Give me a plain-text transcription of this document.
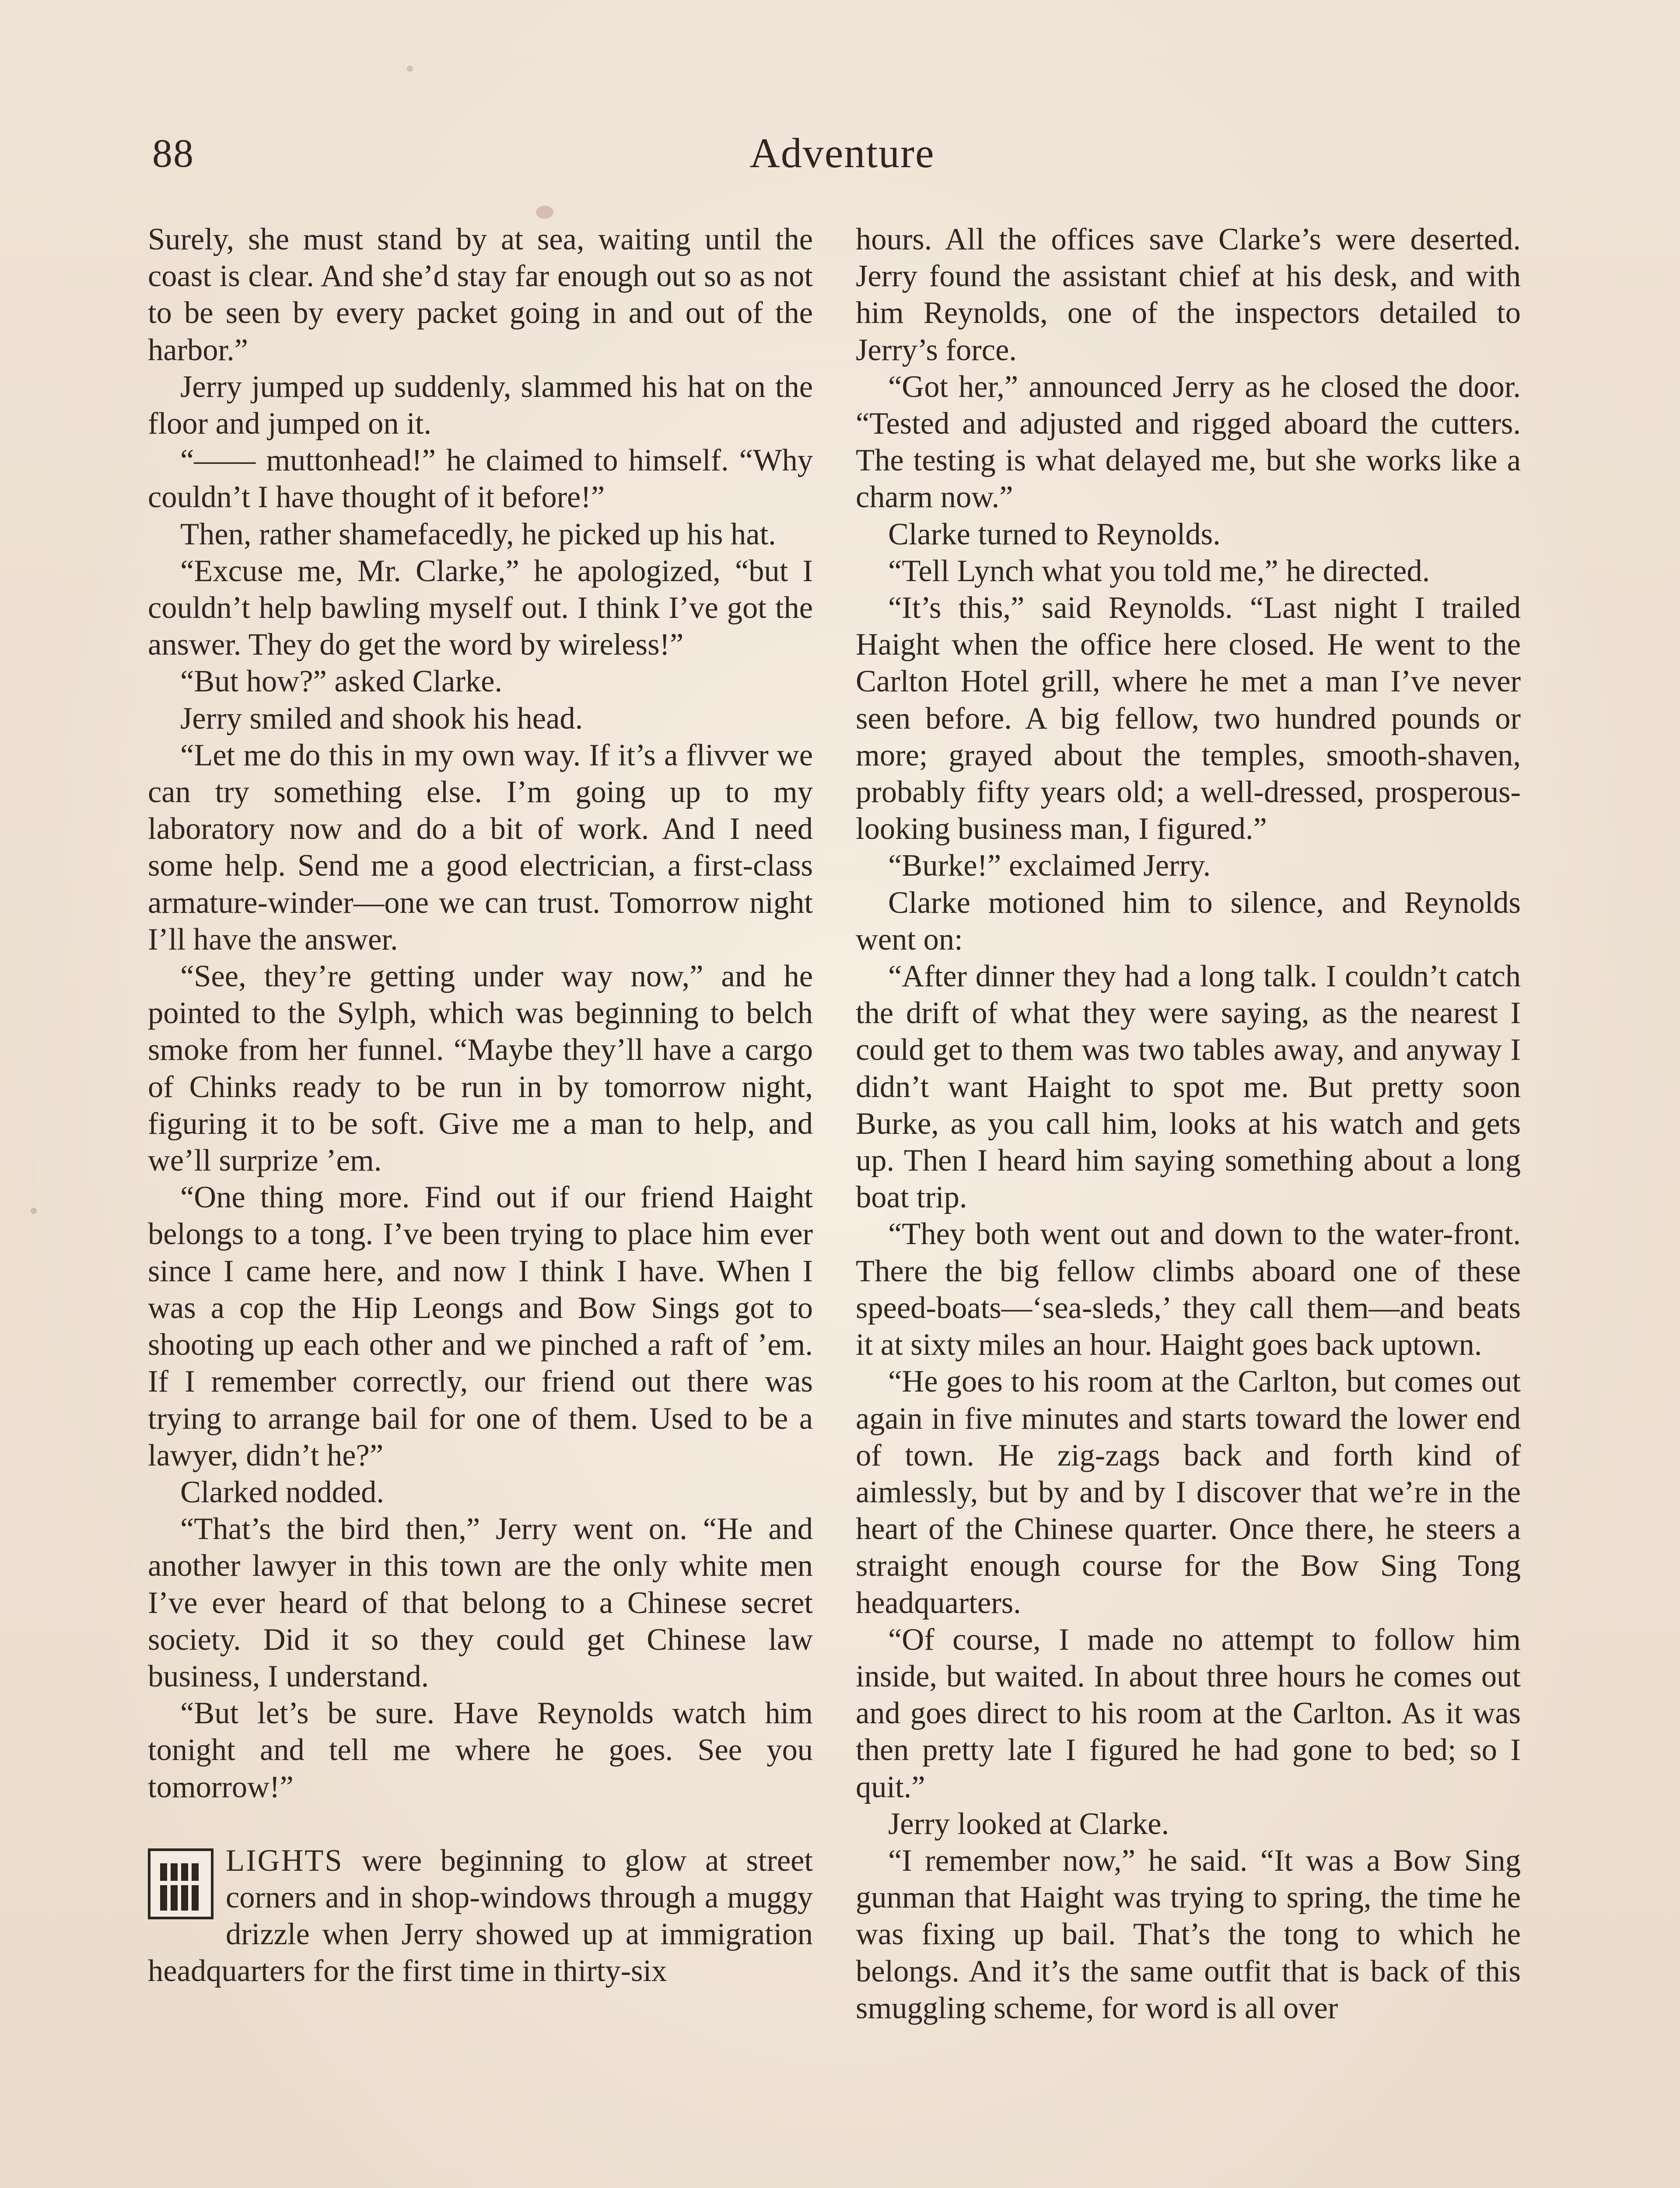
88	Adventure

Surely, she must stand by at sea, waiting until the coast is clear. And she’d stay far enough out so as not to be seen by every packet going in and out of the harbor.”

Jerry jumped up suddenly, slammed his hat on the floor and jumped on it.

“—— muttonhead!” he claimed to himself. “Why couldn’t I have thought of it before!”

Then, rather shamefacedly, he picked up his hat.

“Excuse me, Mr. Clarke,” he apologized, “but I couldn’t help bawling myself out. I think I’ve got the answer. They do get the word by wireless!”

“But how?” asked Clarke.

Jerry smiled and shook his head.

“Let me do this in my own way. If it’s a flivver we can try something else. I’m going up to my laboratory now and do a bit of work. And I need some help. Send me a good electrician, a first-class armature-winder—one we can trust. Tomorrow night I’ll have the answer.

“See, they’re getting under way now,” and he pointed to the Sylph, which was beginning to belch smoke from her funnel. “Maybe they’ll have a cargo of Chinks ready to be run in by tomorrow night, figuring it to be soft. Give me a man to help, and we’ll surprize ’em.

“One thing more. Find out if our friend Haight belongs to a tong. I’ve been trying to place him ever since I came here, and now I think I have. When I was a cop the Hip Leongs and Bow Sings got to shooting up each other and we pinched a raft of ’em. If I remember correctly, our friend out there was trying to arrange bail for one of them. Used to be a lawyer, didn’t he?”

Clarked nodded.

“That’s the bird then,” Jerry went on. “He and another lawyer in this town are the only white men I’ve ever heard of that belong to a Chinese secret society. Did it so they could get Chinese law business, I understand.

“But let’s be sure. Have Reynolds watch him tonight and tell me where he goes. See you tomorrow!”

LIGHTS were beginning to glow at street corners and in shop-windows through a muggy drizzle when Jerry showed up at immigration headquarters for the first time in thirty-six

hours. All the offices save Clarke’s were deserted. Jerry found the assistant chief at his desk, and with him Reynolds, one of the inspectors detailed to Jerry’s force.

“Got her,” announced Jerry as he closed the door. “Tested and adjusted and rigged aboard the cutters. The testing is what delayed me, but she works like a charm now.”

Clarke turned to Reynolds.

“Tell Lynch what you told me,” he directed.

“It’s this,” said Reynolds. “Last night I trailed Haight when the office here closed. He went to the Carlton Hotel grill, where he met a man I’ve never seen before. A big fellow, two hundred pounds or more; grayed about the temples, smooth-shaven, probably fifty years old; a well-dressed, prosperous-looking business man, I figured.”

“Burke!” exclaimed Jerry.

Clarke motioned him to silence, and Reynolds went on:

“After dinner they had a long talk. I couldn’t catch the drift of what they were saying, as the nearest I could get to them was two tables away, and anyway I didn’t want Haight to spot me. But pretty soon Burke, as you call him, looks at his watch and gets up. Then I heard him saying something about a long boat trip.

“They both went out and down to the water-front. There the big fellow climbs aboard one of these speed-boats—‘sea-sleds,’ they call them—and beats it at sixty miles an hour. Haight goes back uptown.

“He goes to his room at the Carlton, but comes out again in five minutes and starts toward the lower end of town. He zig-zags back and forth kind of aimlessly, but by and by I discover that we’re in the heart of the Chinese quarter. Once there, he steers a straight enough course for the Bow Sing Tong headquarters.

“Of course, I made no attempt to follow him inside, but waited. In about three hours he comes out and goes direct to his room at the Carlton. As it was then pretty late I figured he had gone to bed; so I quit.”

Jerry looked at Clarke.

“I remember now,” he said. “It was a Bow Sing gunman that Haight was trying to spring, the time he was fixing up bail. That’s the tong to which he belongs. And it’s the same outfit that is back of this smuggling scheme, for word is all over
